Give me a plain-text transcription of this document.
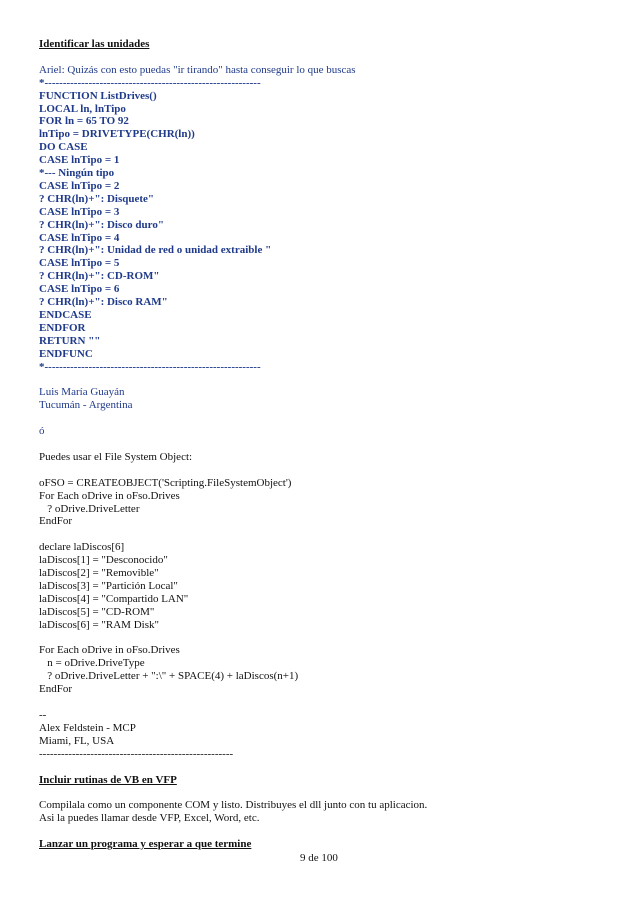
Identificar las unidades
Ariel: Quizás con esto puedas "ir tirando" hasta conseguir lo que buscas
*-----------------------------------------------------------
FUNCTION ListDrives()
LOCAL ln, lnTipo
FOR ln = 65 TO 92
lnTipo = DRIVETYPE(CHR(ln))
DO CASE
CASE lnTipo = 1
*--- Ningún tipo
CASE lnTipo = 2
? CHR(ln)+": Disquete"
CASE lnTipo = 3
? CHR(ln)+": Disco duro"
CASE lnTipo = 4
? CHR(ln)+": Unidad de red o unidad extraible "
CASE lnTipo = 5
? CHR(ln)+": CD-ROM"
CASE lnTipo = 6
? CHR(ln)+": Disco RAM"
ENDCASE
ENDFOR
RETURN ""
ENDFUNC
*-----------------------------------------------------------
Luis María Guayán
Tucumán - Argentina
ó
Puedes usar el File System Object:
oFSO = CREATEOBJECT('Scripting.FileSystemObject')
For Each oDrive in oFso.Drives
? oDrive.DriveLetter
EndFor
declare laDiscos[6]
laDiscos[1] = "Desconocido"
laDiscos[2] = "Removible"
laDiscos[3] = "Partición Local"
laDiscos[4] = "Compartido LAN"
laDiscos[5] = "CD-ROM"
laDiscos[6] = "RAM Disk"
For Each oDrive in oFso.Drives
n = oDrive.DriveType
? oDrive.DriveLetter + ":\" + SPACE(4) + laDiscos(n+1)
EndFor
--
Alex Feldstein - MCP
Miami, FL, USA
-----------------------------------------------------
Incluir rutinas de VB en VFP
Compilala como un componente COM y listo. Distribuyes el dll junto con tu aplicacion.
Asi la puedes llamar desde VFP, Excel, Word, etc.
Lanzar un programa y esperar a que termine
9 de 100
